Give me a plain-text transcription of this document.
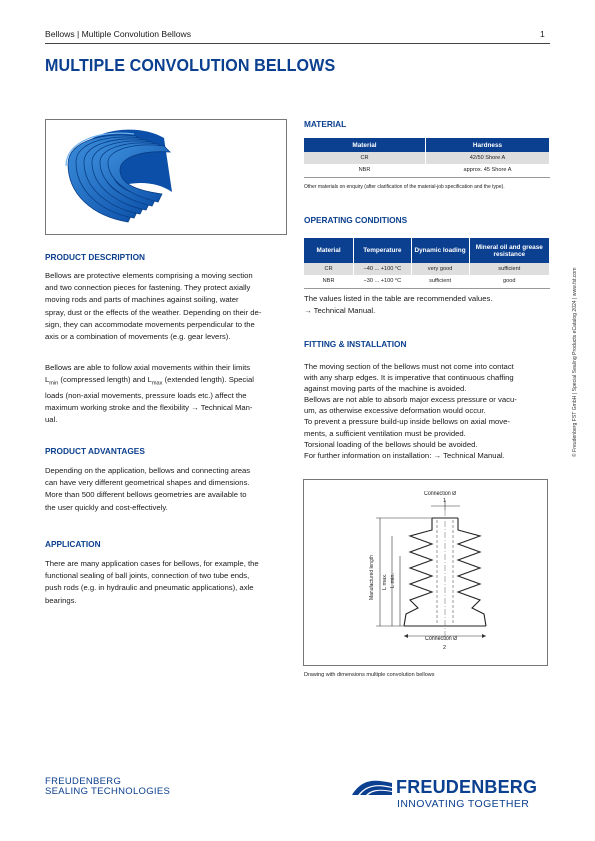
Bellows | Multiple Convolution Bellows	1
MULTIPLE CONVOLUTION BELLOWS
PRODUCT DESCRIPTION
Bellows are protective elements comprising a moving section
and two connection pieces for fastening. They protect axially
moving rods and parts of machines against soiling, water
spray, dust or the effects of the weather. Depending on their de-
sign, they can accommodate movements perpendicular to the
axis or a combination of movements (e.g. gear levers).
Bellows are able to follow axial movements within their limits
$L_{min}$ (compressed length) and $L_{max}$ (extended length). Special
loads (non-axial movements, pressure loads etc.) affect the
maximum working stroke and the flexibility → Technical Man-
ual.
PRODUCT ADVANTAGES
Depending on the application, bellows and connecting areas
can have very different geometrical shapes and dimensions.
More than 500 different bellows geometries are available to
the user quickly and cost-effectively.
APPLICATION
There are many application cases for bellows, for example, the
functional sealing of ball joints, connection of two tube ends,
push rods (e.g. in hydraulic and pneumatic applications), axle
bearings.
MATERIAL
Material	Hardness
CR	42/50 Shore A
NBR	approx. 45 Shore A
Other materials on enquiry (after clarification of the material-job specification and the type).
OPERATING CONDITIONS
Material	Temperature	Dynamic loading	Mineral oil and grease resistance
CR	−40 ... +100 °C	very good	sufficient
NBR	−30 ... +100 °C	sufficient	good
The values listed in the table are recommended values.
→ Technical Manual.
FITTING & INSTALLATION
The moving section of the bellows must not come into contact
with any sharp edges. It is imperative that continuous chaffing
against moving parts of the machine is avoided.
Bellows are not able to absorb major excess pressure or vacu-
um, as otherwise excessive deformation would occur.
To prevent a pressure build-up inside bellows on axial move-
ments, a sufficient ventilation must be provided.
Torsional loading of the bellows should be avoided.
For further information on installation: → Technical Manual.
Connection Ø
1
Connection Ø
2
Manufactured length L max. L min.
Drawing with dimensions multiple convolution bellows
© Freudenberg FST GmbH | Special Sealing Products eCatalog 2024 | www.fst.com
FREUDENBERG
SEALING TECHNOLOGIES	FREUDENBERG
INNOVATING TOGETHER
